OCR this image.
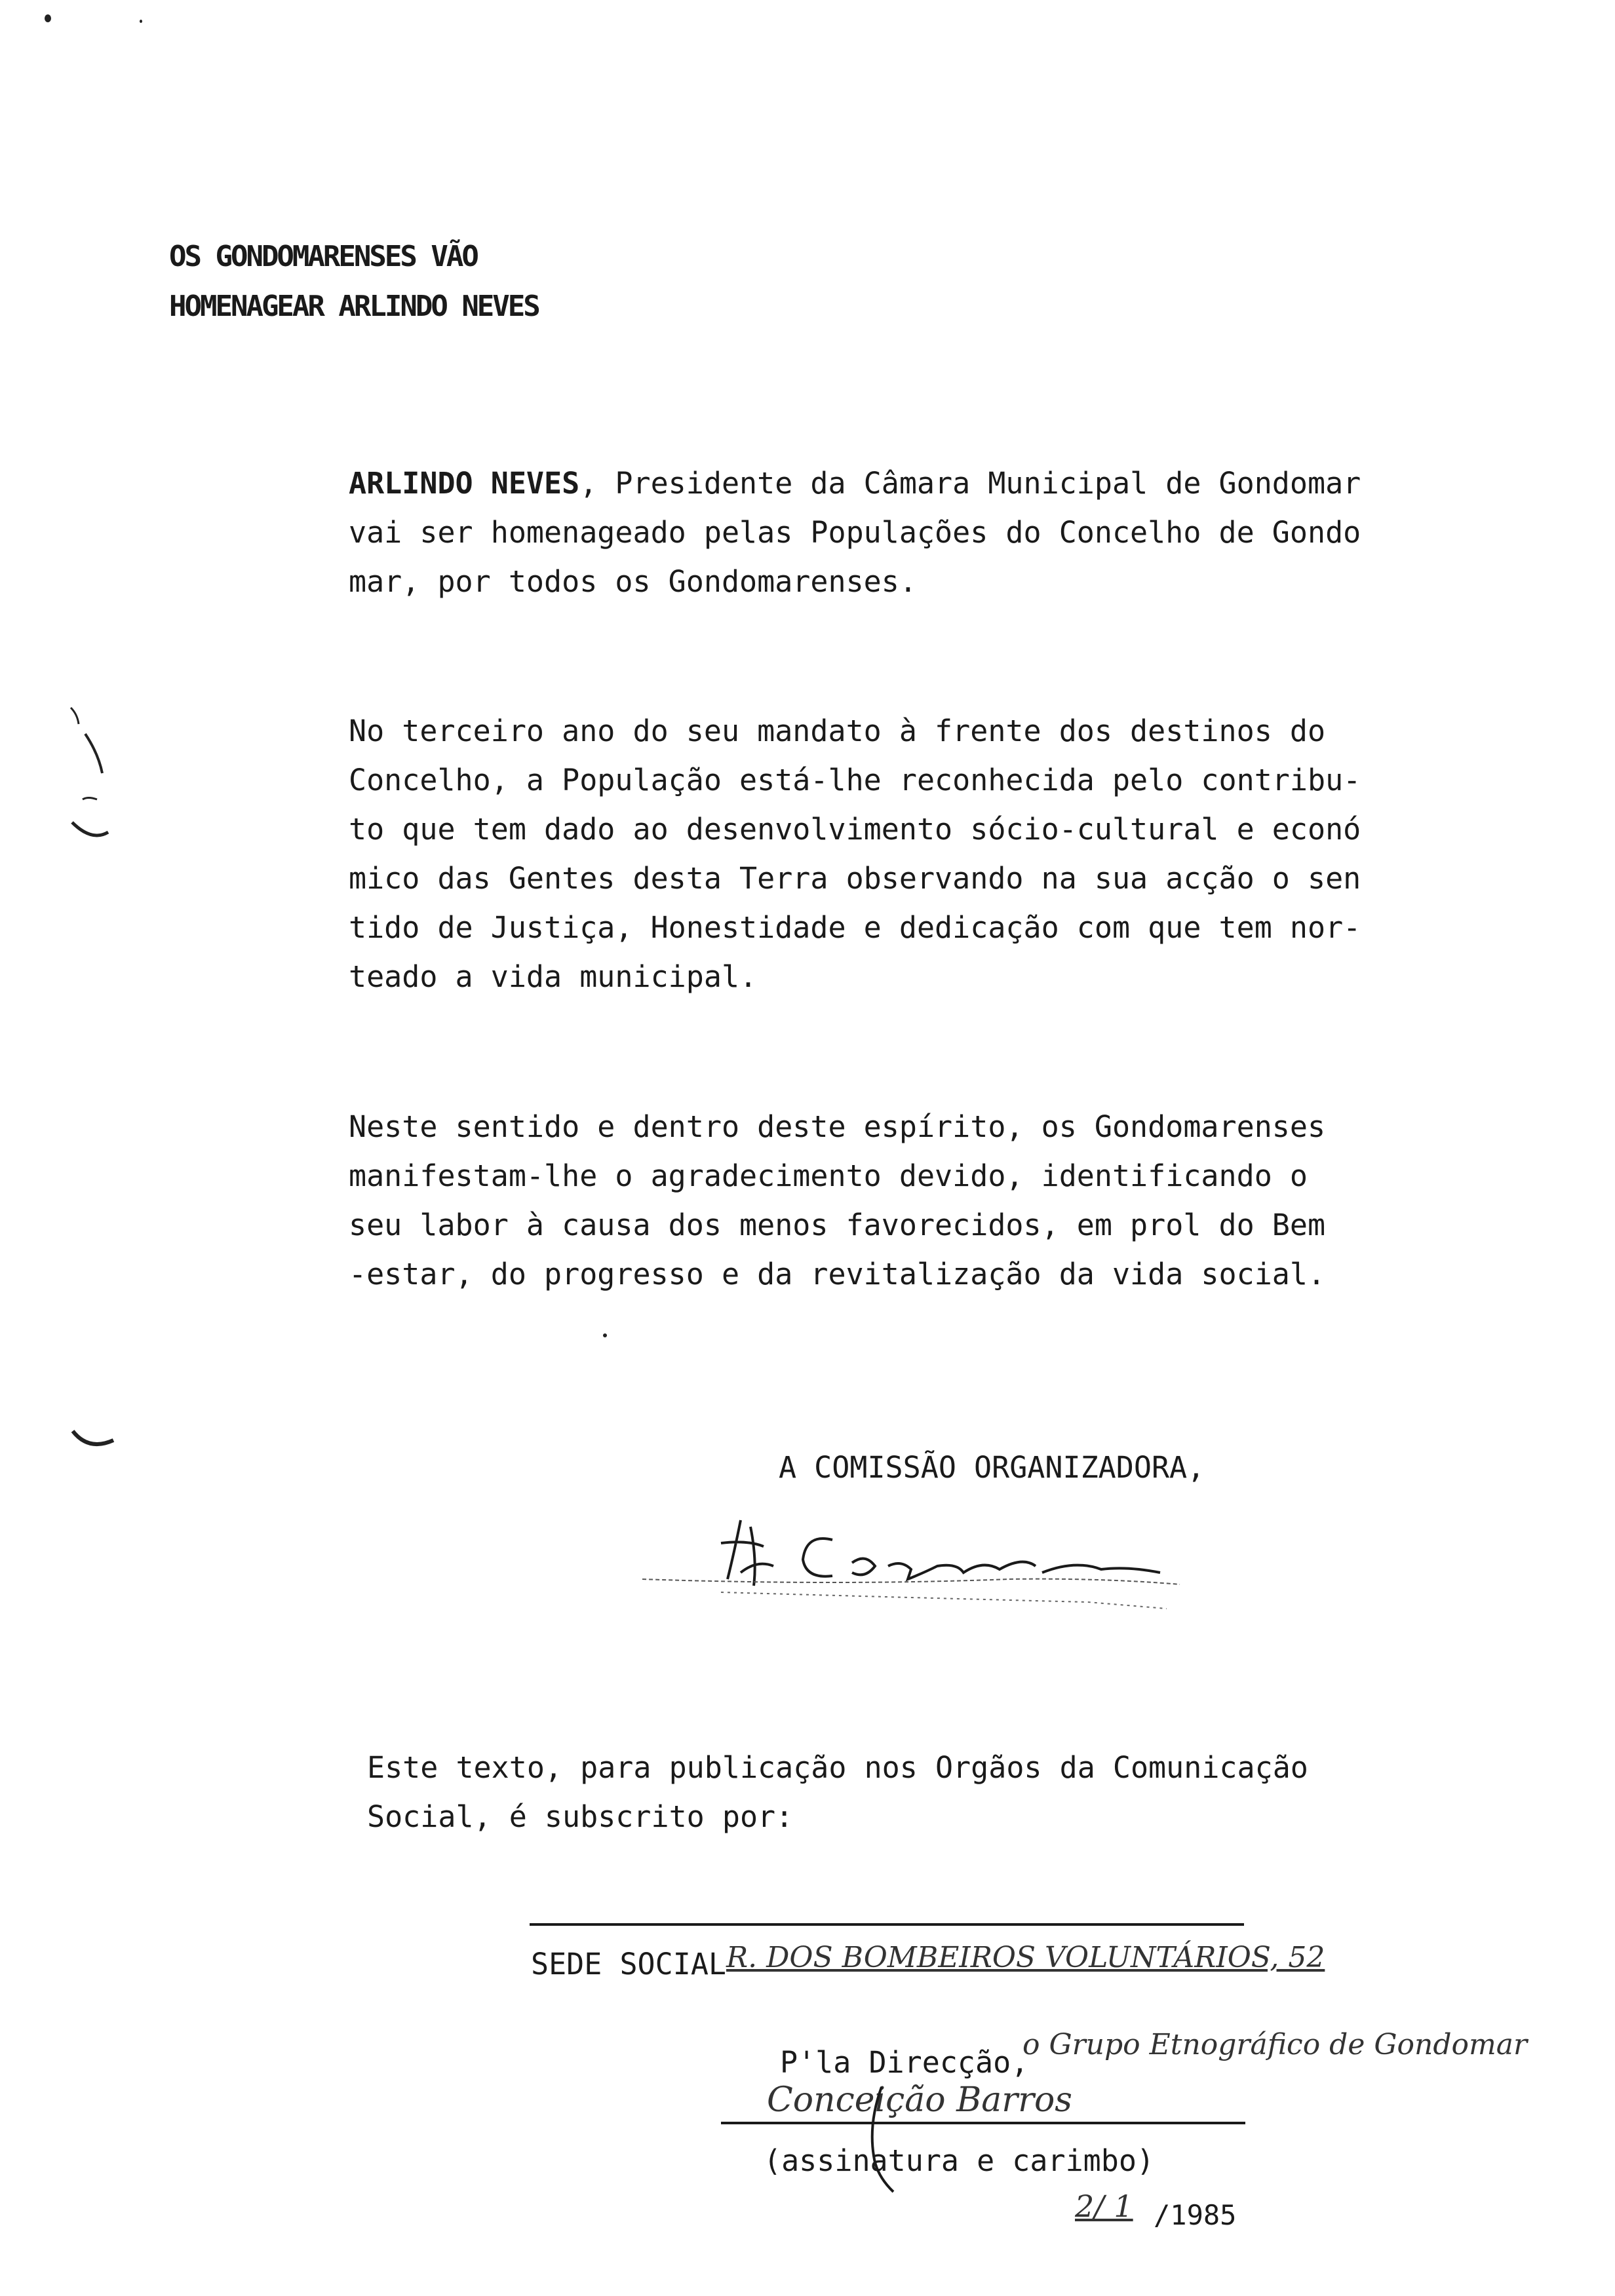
OS GONDOMARENSES VÃO
HOMENAGEAR ARLINDO NEVES
ARLINDO NEVES, Presidente da Câmara Municipal de Gondomar
vai ser homenageado pelas Populações do Concelho de Gondo
mar, por todos os Gondomarenses.
No terceiro ano do seu mandato à frente dos destinos do
Concelho, a População está-lhe reconhecida pelo contribu-
to que tem dado ao desenvolvimento sócio-cultural e econó
mico das Gentes desta Terra observando na sua acção o sen
tido de Justiça, Honestidade e dedicação com que tem nor-
teado a vida municipal.
Neste sentido e dentro deste espírito, os Gondomarenses
manifestam-lhe o agradecimento devido, identificando o
seu labor à causa dos menos favorecidos, em prol do Bem
-estar, do progresso e da revitalização da vida social.
A COMISSÃO ORGANIZADORA,
Este texto, para publicação nos Orgãos da Comunicação
Social, é subscrito por:
SEDE SOCIAL R. DOS BOMBEIROS VOLUNTÁRIOS, 52
P'la Direcção,
o Grupo Etnográfico de Gondomar
Conceição Barros
(assinatura e carimbo)
2/ 1 /1985
